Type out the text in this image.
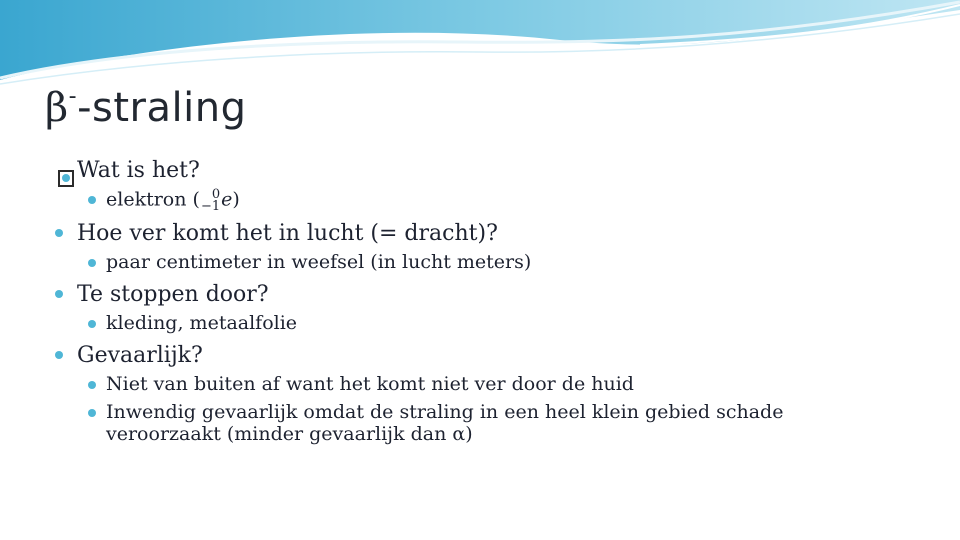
β--straling
Wat is het?
elektron ( 0
−1 e)
Hoe ver komt het in lucht (= dracht)?
paar centimeter in weefsel (in lucht meters)
Te stoppen door?
kleding, metaalfolie
Gevaarlijk?
Niet van buiten af want het komt niet ver door de huid
Inwendig gevaarlijk omdat de straling in een heel klein gebied schade veroorzaakt (minder gevaarlijk dan α)
